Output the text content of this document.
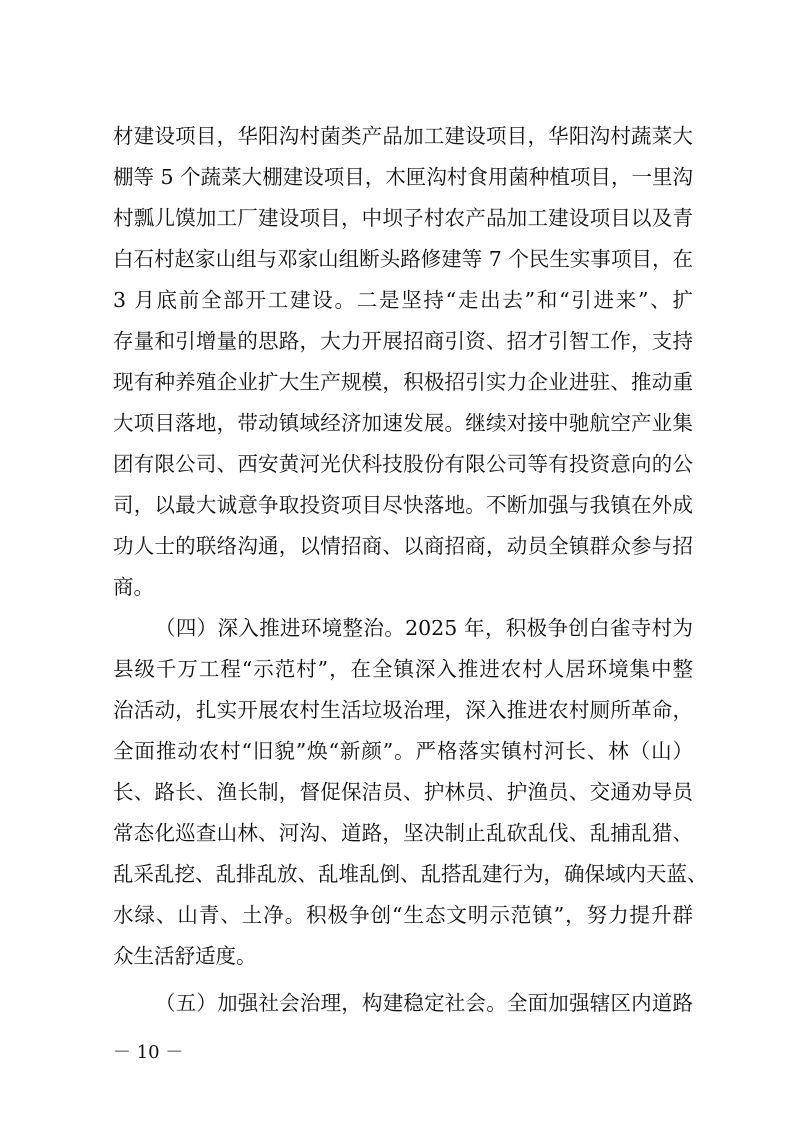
材建设项目，华阳沟村菌类产品加工建设项目，华阳沟村蔬菜大
棚等 5 个蔬菜大棚建设项目，木匣沟村食用菌种植项目，一里沟
村瓢儿馍加工厂建设项目，中坝子村农产品加工建设项目以及青
白石村赵家山组与邓家山组断头路修建等 7 个民生实事项目，在
3 月底前全部开工建设。二是坚持“走出去”和“引进来”、扩
存量和引增量的思路，大力开展招商引资、招才引智工作，支持
现有种养殖企业扩大生产规模，积极招引实力企业进驻、推动重
大项目落地，带动镇域经济加速发展。继续对接中驰航空产业集
团有限公司、西安黄河光伏科技股份有限公司等有投资意向的公
司，以最大诚意争取投资项目尽快落地。不断加强与我镇在外成
功人士的联络沟通，以情招商、以商招商，动员全镇群众参与招
商。
（四）深入推进环境整治。2025 年，积极争创白雀寺村为
县级千万工程“示范村”，在全镇深入推进农村人居环境集中整
治活动，扎实开展农村生活垃圾治理，深入推进农村厕所革命，
全面推动农村“旧貌”焕“新颜”。严格落实镇村河长、林（山）
长、路长、渔长制，督促保洁员、护林员、护渔员、交通劝导员
常态化巡查山林、河沟、道路，坚决制止乱砍乱伐、乱捕乱猎、
乱采乱挖、乱排乱放、乱堆乱倒、乱搭乱建行为，确保域内天蓝、
水绿、山青、土净。积极争创“生态文明示范镇”，努力提升群
众生活舒适度。
（五）加强社会治理，构建稳定社会。全面加强辖区内道路
－ 10 －
